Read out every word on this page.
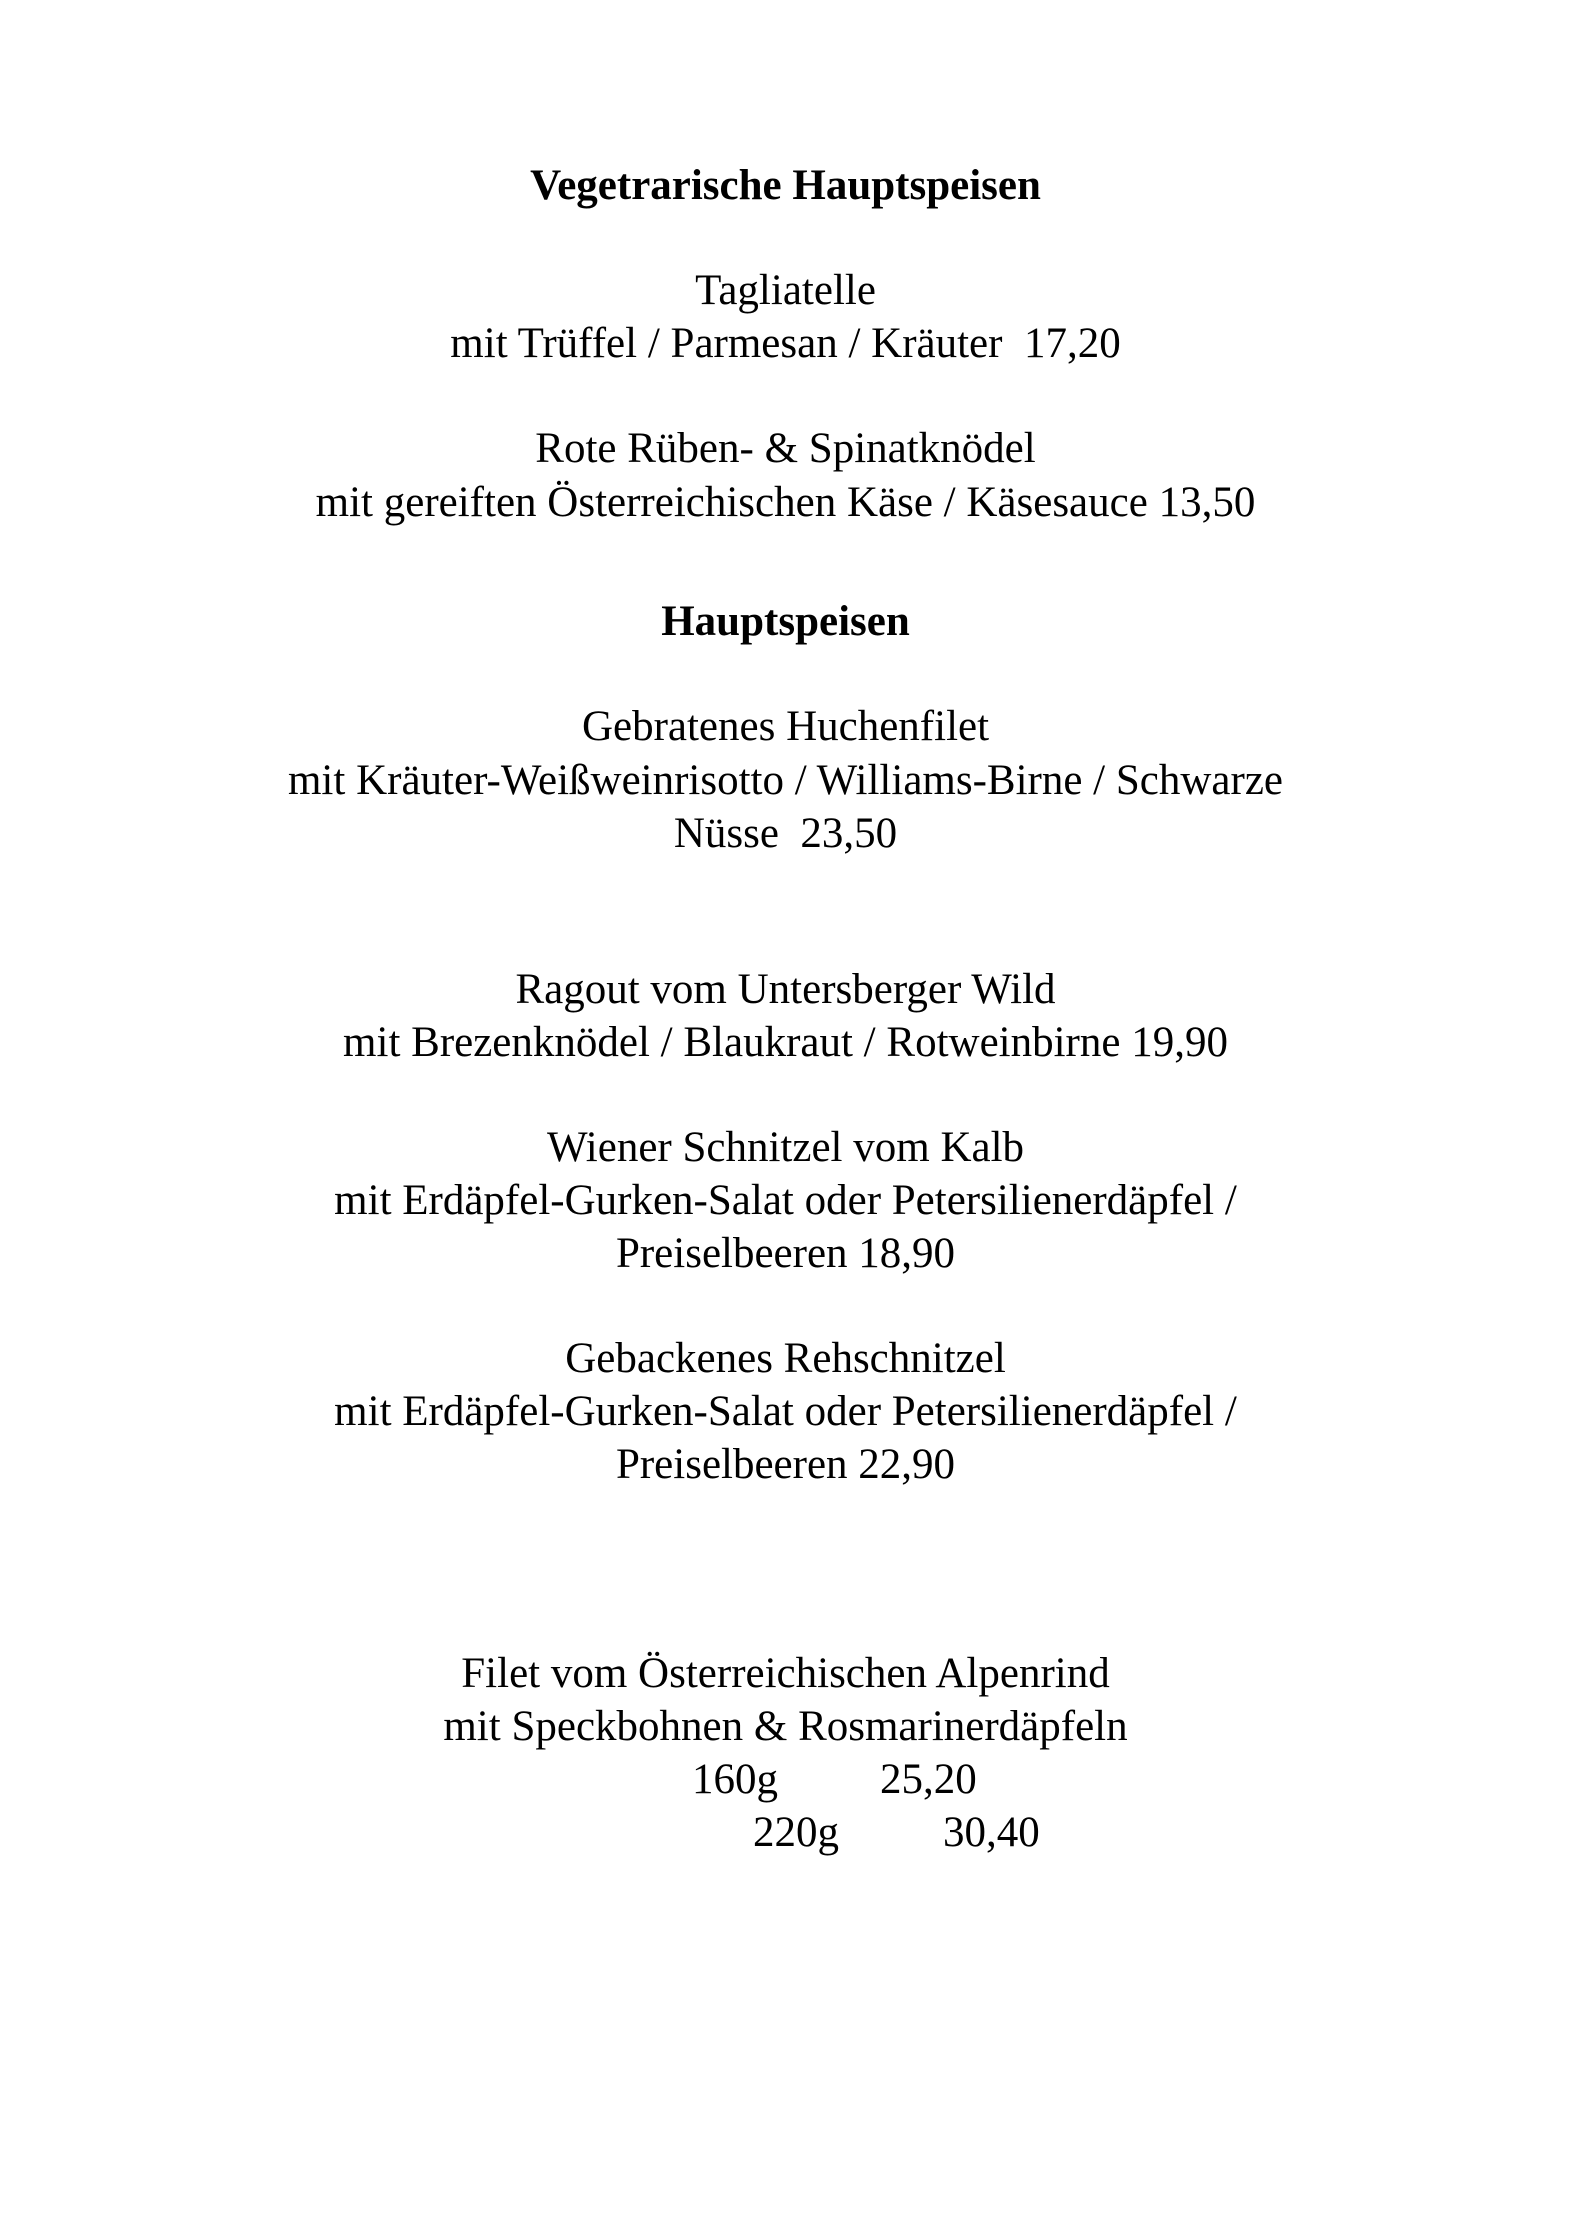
Vegetrarische Hauptspeisen
Tagliatelle
mit Trüffel / Parmesan / Kräuter  17,20
Rote Rüben- & Spinatknödel
mit gereiften Österreichischen Käse / Käsesauce 13,50
Hauptspeisen
Gebratenes Huchenfilet
mit Kräuter-Weißweinrisotto / Williams-Birne / Schwarze
Nüsse  23,50
Ragout vom Untersberger Wild
mit Brezenknödel / Blaukraut / Rotweinbirne 19,90
Wiener Schnitzel vom Kalb
mit Erdäpfel-Gurken-Salat oder Petersilienerdäpfel /
Preiselbeeren 18,90
Gebackenes Rehschnitzel
mit Erdäpfel-Gurken-Salat oder Petersilienerdäpfel /
Preiselbeeren 22,90
Filet vom Österreichischen Alpenrind
mit Speckbohnen & Rosmarinerdäpfeln
160g 25,20
220g 30,40
